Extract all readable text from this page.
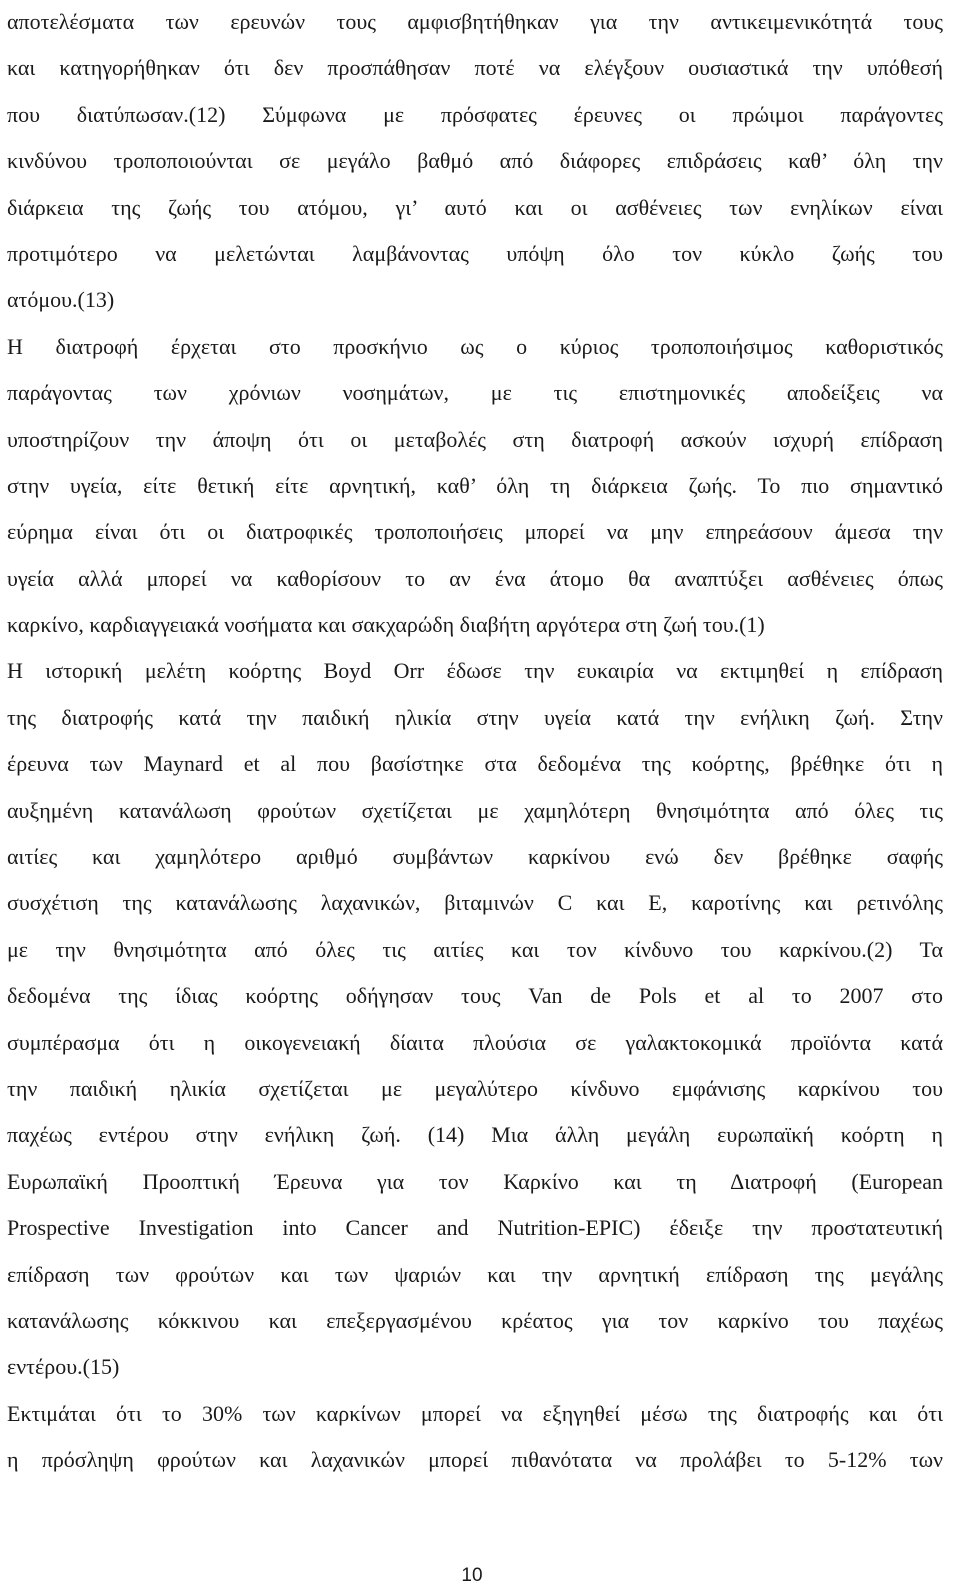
αποτελέσματα των ερευνών τους αμφισβητήθηκαν για την αντικειμενικότητά τους
και κατηγορήθηκαν ότι δεν προσπάθησαν ποτέ να ελέγξουν ουσιαστικά την υπόθεσή
που διατύπωσαν.(12) Σύμφωνα με πρόσφατες έρευνες οι πρώιμοι παράγοντες
κινδύνου τροποποιούνται σε μεγάλο βαθμό από διάφορες επιδράσεις καθ’ όλη την
διάρκεια της ζωής του ατόμου, γι’ αυτό και οι ασθένειες των ενηλίκων είναι
προτιμότερο να μελετώνται λαμβάνοντας υπόψη όλο τον κύκλο ζωής του
ατόμου.(13)
Η διατροφή έρχεται στο προσκήνιο ως ο κύριος τροποποιήσιμος καθοριστικός
παράγοντας των χρόνιων νοσημάτων, με τις επιστημονικές αποδείξεις να
υποστηρίζουν την άποψη ότι οι μεταβολές στη διατροφή ασκούν ισχυρή επίδραση
στην υγεία, είτε θετική είτε αρνητική, καθ’ όλη τη διάρκεια ζωής. Το πιο σημαντικό
εύρημα είναι ότι οι διατροφικές τροποποιήσεις μπορεί να μην επηρεάσουν άμεσα την
υγεία αλλά μπορεί να καθορίσουν το αν ένα άτομο θα αναπτύξει ασθένειες όπως
καρκίνο, καρδιαγγειακά νοσήματα και σακχαρώδη διαβήτη αργότερα στη ζωή του.(1)
Η ιστορική μελέτη κοόρτης Boyd Orr έδωσε την ευκαιρία να εκτιμηθεί η επίδραση
της διατροφής κατά την παιδική ηλικία στην υγεία κατά την ενήλικη ζωή. Στην
έρευνα των Maynard et al που βασίστηκε στα δεδομένα της κοόρτης, βρέθηκε ότι η
αυξημένη κατανάλωση φρούτων σχετίζεται με χαμηλότερη θνησιμότητα από όλες τις
αιτίες και χαμηλότερο αριθμό συμβάντων καρκίνου ενώ δεν βρέθηκε σαφής
συσχέτιση της κατανάλωσης λαχανικών, βιταμινών C και E, καροτίνης και ρετινόλης
με την θνησιμότητα από όλες τις αιτίες και τον κίνδυνο του καρκίνου.(2) Τα
δεδομένα της ίδιας κοόρτης οδήγησαν τους Van de Pols et al το 2007 στο
συμπέρασμα ότι η οικογενειακή δίαιτα πλούσια σε γαλακτοκομικά προϊόντα κατά
την παιδική ηλικία σχετίζεται με μεγαλύτερο κίνδυνο εμφάνισης καρκίνου του
παχέως εντέρου στην ενήλικη ζωή. (14) Μια άλλη μεγάλη ευρωπαϊκή κοόρτη η
Ευρωπαϊκή Προοπτική Έρευνα για τον Καρκίνο και τη Διατροφή (European
Prospective Investigation into Cancer and Nutrition-EPIC) έδειξε την προστατευτική
επίδραση των φρούτων και των ψαριών και την αρνητική επίδραση της μεγάλης
κατανάλωσης κόκκινου και επεξεργασμένου κρέατος για τον καρκίνο του παχέως
εντέρου.(15)
Εκτιμάται ότι το 30% των καρκίνων μπορεί να εξηγηθεί μέσω της διατροφής και ότι
η πρόσληψη φρούτων και λαχανικών μπορεί πιθανότατα να προλάβει το 5-12% των
10
